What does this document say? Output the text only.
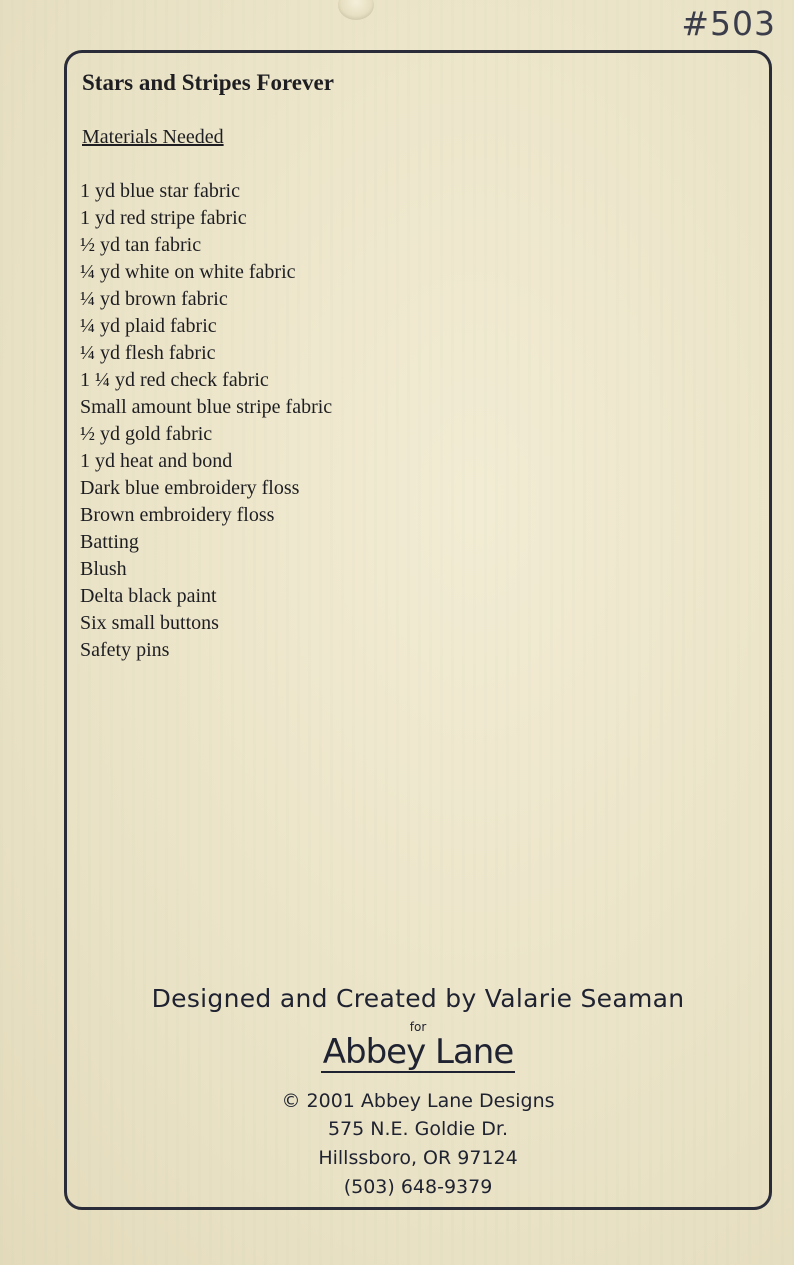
#503
Stars and Stripes Forever
Materials Needed
1 yd blue star fabric
1 yd red stripe fabric
½ yd tan fabric
¼ yd white on white fabric
¼ yd brown fabric
¼ yd plaid fabric
¼ yd flesh fabric
1 ¼ yd red check fabric
Small amount blue stripe fabric
½ yd gold fabric
1 yd heat and bond
Dark blue embroidery floss
Brown embroidery floss
Batting
Blush
Delta black paint
Six small buttons
Safety pins
Designed and Created by Valarie Seaman
for
Abbey Lane
© 2001 Abbey Lane Designs
575 N.E. Goldie Dr.
Hillssboro, OR 97124
(503) 648-9379
